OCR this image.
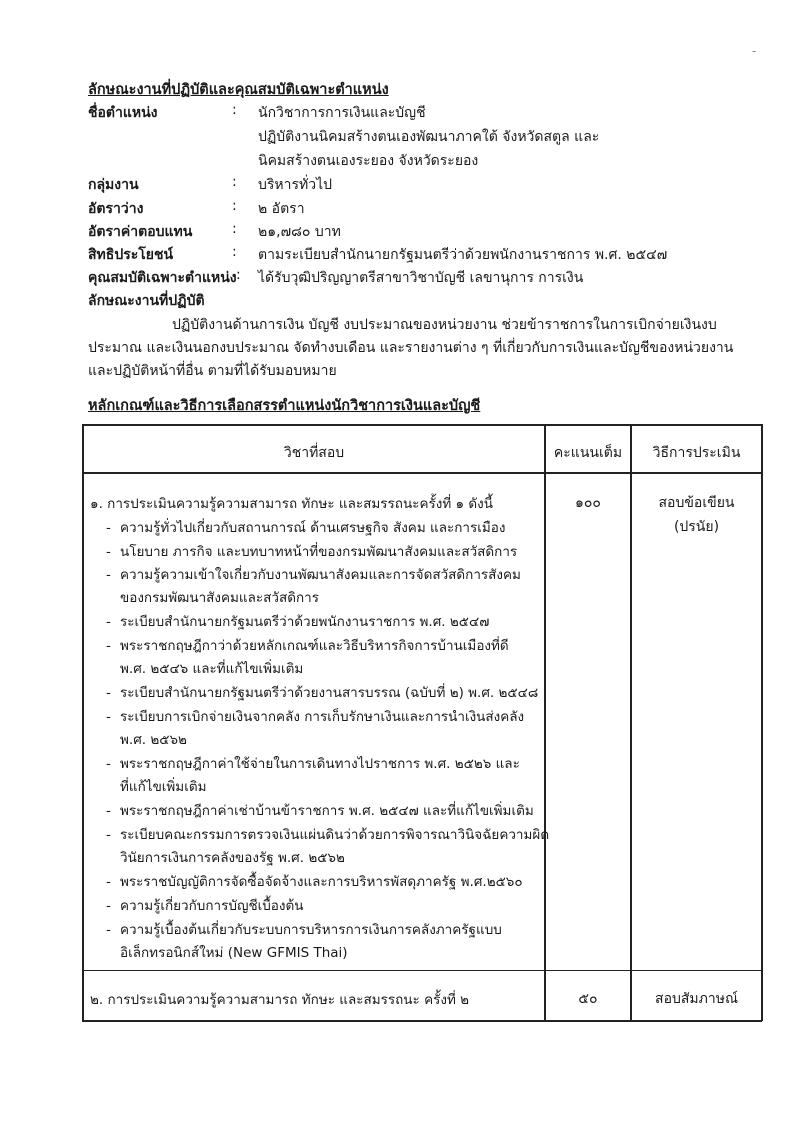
-
ลักษณะงานที่ปฏิบัติและคุณสมบัติเฉพาะตำแหน่ง
ชื่อตำแหน่ง	: นักวิชาการการเงินและบัญชี
ปฏิบัติงานนิคมสร้างตนเองพัฒนาภาคใต้ จังหวัดสตูล และ
นิคมสร้างตนเองระยอง จังหวัดระยอง
กลุ่มงาน	: บริหารทั่วไป
อัตราว่าง	: ๒ อัตรา
อัตราค่าตอบแทน	: ๒๑,๗๘๐ บาท
สิทธิประโยชน์	: ตามระเบียบสำนักนายกรัฐมนตรีว่าด้วยพนักงานราชการ พ.ศ. ๒๕๔๗
คุณสมบัติเฉพาะตำแหน่ง : ได้รับวุฒิปริญญาตรีสาขาวิชาบัญชี เลขานุการ การเงิน
ลักษณะงานที่ปฏิบัติ
ปฏิบัติงานด้านการเงิน บัญชี งบประมาณของหน่วยงาน ช่วยข้าราชการในการเบิกจ่ายเงินงบประมาณ และเงินนอกงบประมาณ จัดทำงบเดือน และรายงานต่าง ๆ ที่เกี่ยวกับการเงินและบัญชีของหน่วยงาน และปฏิบัติหน้าที่อื่น ตามที่ได้รับมอบหมาย
หลักเกณฑ์และวิธีการเลือกสรรตำแหน่งนักวิชาการเงินและบัญชี
วิชาที่สอบ	คะแนนเต็ม	วิธีการประเมิน
๑. การประเมินความรู้ความสามารถ ทักษะ และสมรรถนะครั้งที่ ๑ ดังนี้	๑๐๐	สอบข้อเขียน
(ปรนัย)
- ความรู้ทั่วไปเกี่ยวกับสถานการณ์ ด้านเศรษฐกิจ สังคม และการเมือง
- นโยบาย ภารกิจ และบทบาทหน้าที่ของกรมพัฒนาสังคมและสวัสดิการ
- ความรู้ความเข้าใจเกี่ยวกับงานพัฒนาสังคมและการจัดสวัสดิการสังคม
ของกรมพัฒนาสังคมและสวัสดิการ
- ระเบียบสำนักนายกรัฐมนตรีว่าด้วยพนักงานราชการ พ.ศ. ๒๕๔๗
- พระราชกฤษฎีกาว่าด้วยหลักเกณฑ์และวิธีบริหารกิจการบ้านเมืองที่ดี
พ.ศ. ๒๕๔๖ และที่แก้ไขเพิ่มเติม
- ระเบียบสำนักนายกรัฐมนตรีว่าด้วยงานสารบรรณ (ฉบับที่ ๒) พ.ศ. ๒๕๔๘
- ระเบียบการเบิกจ่ายเงินจากคลัง การเก็บรักษาเงินและการนำเงินส่งคลัง
พ.ศ. ๒๕๖๒
- พระราชกฤษฎีกาค่าใช้จ่ายในการเดินทางไปราชการ พ.ศ. ๒๕๒๖ และ
ที่แก้ไขเพิ่มเติม
- พระราชกฤษฎีกาค่าเช่าบ้านข้าราชการ พ.ศ. ๒๕๔๗ และที่แก้ไขเพิ่มเติม
- ระเบียบคณะกรรมการตรวจเงินแผ่นดินว่าด้วยการพิจารณาวินิจฉัยความผิด
วินัยการเงินการคลังของรัฐ พ.ศ. ๒๕๖๒
- พระราชบัญญัติการจัดซื้อจัดจ้างและการบริหารพัสดุภาครัฐ พ.ศ.๒๕๖๐
- ความรู้เกี่ยวกับการบัญชีเบื้องต้น
- ความรู้เบื้องต้นเกี่ยวกับระบบการบริหารการเงินการคลังภาครัฐแบบ
อิเล็กทรอนิกส์ใหม่ (New GFMIS Thai)
๒. การประเมินความรู้ความสามารถ ทักษะ และสมรรถนะ ครั้งที่ ๒	๕๐	สอบสัมภาษณ์
